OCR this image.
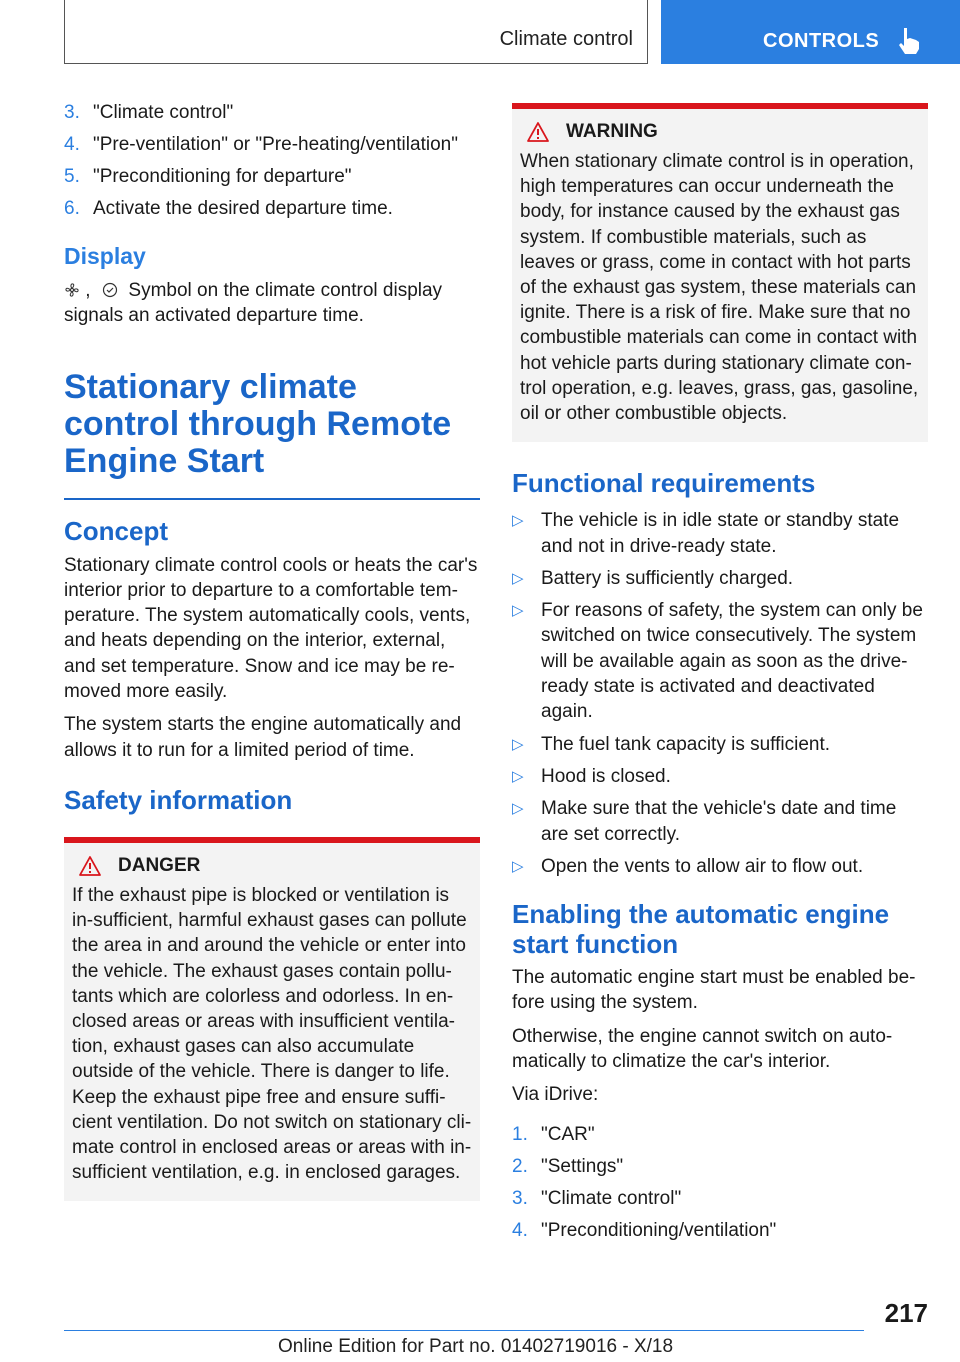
Climate control	CONTROLS
3. "Climate control"
4. "Pre-ventilation" or "Pre-heating/ventilation"
5. "Preconditioning for departure"
6. Activate the desired departure time.
Display

, Symbol on the climate control display
signals an activated departure time.

Stationary climate control through Remote Engine Start
Concept

Stationary climate control cools or heats the car's interior prior to departure to a comfortable tem‐perature. The system automatically cools, vents, and heats depending on the interior, external, and set temperature. Snow and ice may be re‐moved more easily.

The system starts the engine automatically and allows it to run for a limited period of time.

Safety information
DANGER

If the exhaust pipe is blocked or ventilation is in‐sufficient, harmful exhaust gases can pollute the area in and around the vehicle or enter into the vehicle. The exhaust gases contain pollu‐tants which are colorless and odorless. In en‐closed areas or areas with insufficient ventila‐tion, exhaust gases can also accumulate outside of the vehicle. There is danger to life. Keep the exhaust pipe free and ensure suffi‐cient ventilation. Do not switch on stationary cli‐mate control in enclosed areas or areas with in‐sufficient ventilation, e.g. in enclosed garages.

WARNING

When stationary climate control is in operation, high temperatures can occur underneath the body, for instance caused by the exhaust gas system. If combustible materials, such as leaves or grass, come in contact with hot parts of the exhaust gas system, these materials can ignite. There is a risk of fire. Make sure that no combustible materials can come in contact with hot vehicle parts during stationary climate con‐trol operation, e.g. leaves, grass, gas, gasoline, oil or other combustible objects.

Functional requirements
▷ The vehicle is in idle state or standby state and not in drive-ready state.
▷ Battery is sufficiently charged.
▷ For reasons of safety, the system can only be switched on twice consecutively. The system will be available again as soon as the drive-ready state is activated and deactivated again.
▷ The fuel tank capacity is sufficient.
▷ Hood is closed.
▷ Make sure that the vehicle's date and time are set correctly.
▷ Open the vents to allow air to flow out.
Enabling the automatic engine start function

The automatic engine start must be enabled be‐fore using the system.

Otherwise, the engine cannot switch on auto‐matically to climatize the car's interior.

Via iDrive:

1. "CAR"
2. "Settings"
3. "Climate control"
4. "Preconditioning/ventilation"
217
Online Edition for Part no. 01402719016 - X/18
